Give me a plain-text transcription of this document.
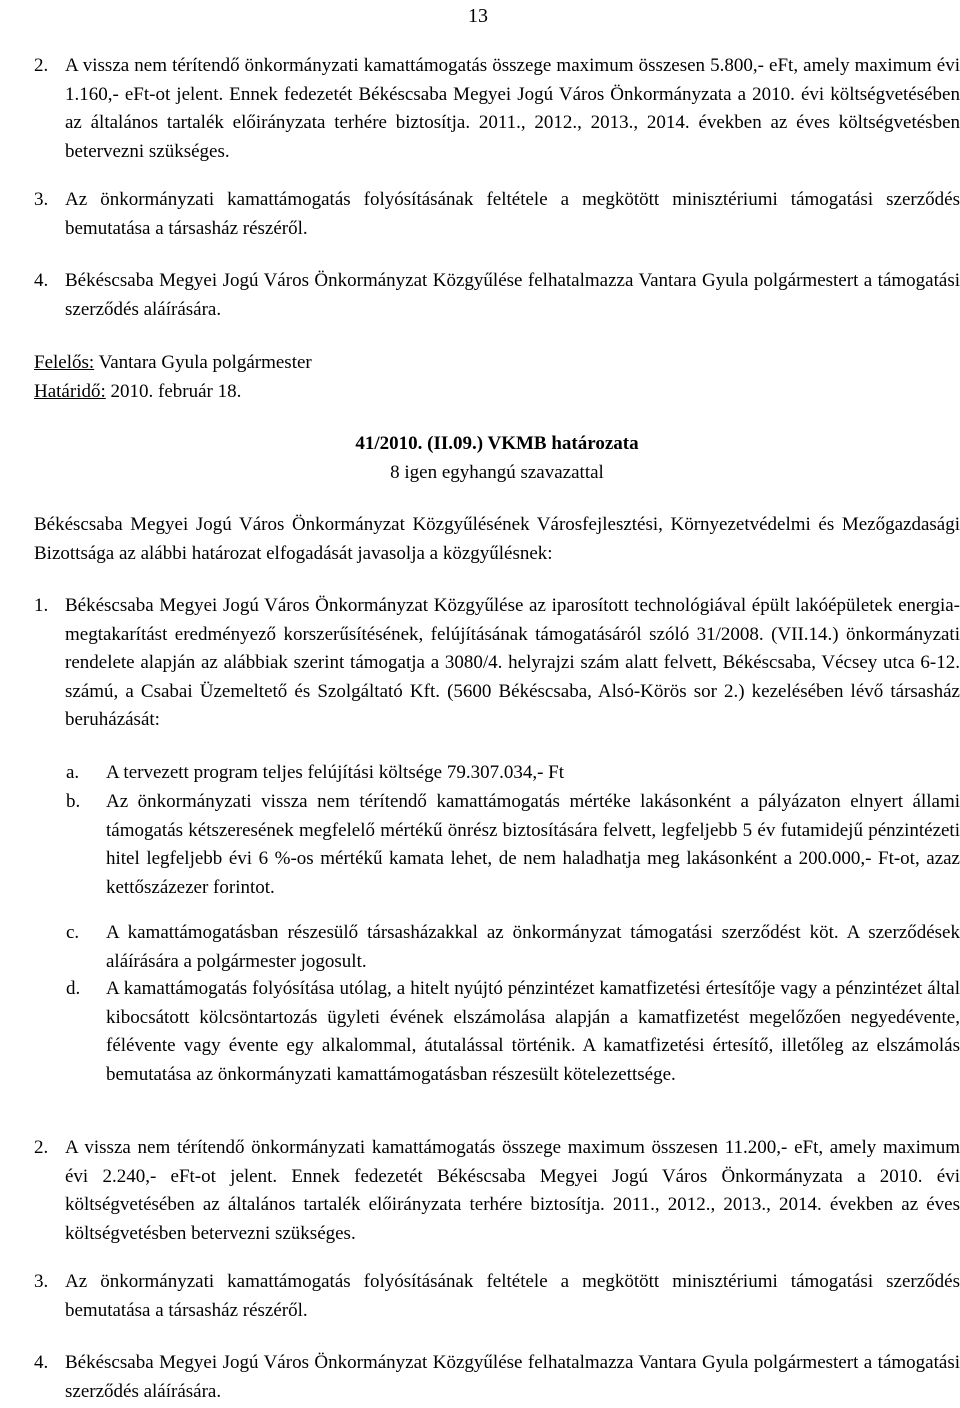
13
2. A vissza nem térítendő önkormányzati kamattámogatás összege maximum összesen 5.800,- eFt, amely maximum évi 1.160,- eFt-ot jelent. Ennek fedezetét Békéscsaba Megyei Jogú Város Önkormányzata a 2010. évi költségvetésében az általános tartalék előirányzata terhére biztosítja. 2011., 2012., 2013., 2014. években az éves költségvetésben betervezni szükséges.
3. Az önkormányzati kamattámogatás folyósításának feltétele a megkötött minisztériumi támogatási szerződés bemutatása a társasház részéről.
4. Békéscsaba Megyei Jogú Város Önkormányzat Közgyűlése felhatalmazza Vantara Gyula polgármestert a támogatási szerződés aláírására.
Felelős: Vantara Gyula polgármester
Határidő: 2010. február 18.
41/2010. (II.09.) VKMB határozata
8 igen egyhangú szavazattal
Békéscsaba Megyei Jogú Város Önkormányzat Közgyűlésének Városfejlesztési, Környezetvédelmi és Mezőgazdasági Bizottsága az alábbi határozat elfogadását javasolja a közgyűlésnek:
1. Békéscsaba Megyei Jogú Város Önkormányzat Közgyűlése az iparosított technológiával épült lakóépületek energia-megtakarítást eredményező korszerűsítésének, felújításának támogatásáról szóló 31/2008. (VII.14.) önkormányzati rendelete alapján az alábbiak szerint támogatja a 3080/4. helyrajzi szám alatt felvett, Békéscsaba, Vécsey utca 6-12. számú, a Csabai Üzemeltető és Szolgáltató Kft. (5600 Békéscsaba, Alsó-Körös sor 2.) kezelésében lévő társasház beruházását:
a. A tervezett program teljes felújítási költsége 79.307.034,- Ft
b. Az önkormányzati vissza nem térítendő kamattámogatás mértéke lakásonként a pályázaton elnyert állami támogatás kétszeresének megfelelő mértékű önrész biztosítására felvett, legfeljebb 5 év futamidejű pénzintézeti hitel legfeljebb évi 6 %-os mértékű kamata lehet, de nem haladhatja meg lakásonként a 200.000,- Ft-ot, azaz kettőszázezer forintot.
c. A kamattámogatásban részesülő társasházakkal az önkormányzat támogatási szerződést köt. A szerződések aláírására a polgármester jogosult.
d. A kamattámogatás folyósítása utólag, a hitelt nyújtó pénzintézet kamatfizetési értesítője vagy a pénzintézet által kibocsátott kölcsöntartozás ügyleti évének elszámolása alapján a kamatfizetést megelőzően negyedévente, félévente vagy évente egy alkalommal, átutalással történik. A kamatfizetési értesítő, illetőleg az elszámolás bemutatása az önkormányzati kamattámogatásban részesült kötelezettsége.
2. A vissza nem térítendő önkormányzati kamattámogatás összege maximum összesen 11.200,- eFt, amely maximum évi 2.240,- eFt-ot jelent. Ennek fedezetét Békéscsaba Megyei Jogú Város Önkormányzata a 2010. évi költségvetésében az általános tartalék előirányzata terhére biztosítja. 2011., 2012., 2013., 2014. években az éves költségvetésben betervezni szükséges.
3. Az önkormányzati kamattámogatás folyósításának feltétele a megkötött minisztériumi támogatási szerződés bemutatása a társasház részéről.
4. Békéscsaba Megyei Jogú Város Önkormányzat Közgyűlése felhatalmazza Vantara Gyula polgármestert a támogatási szerződés aláírására.
